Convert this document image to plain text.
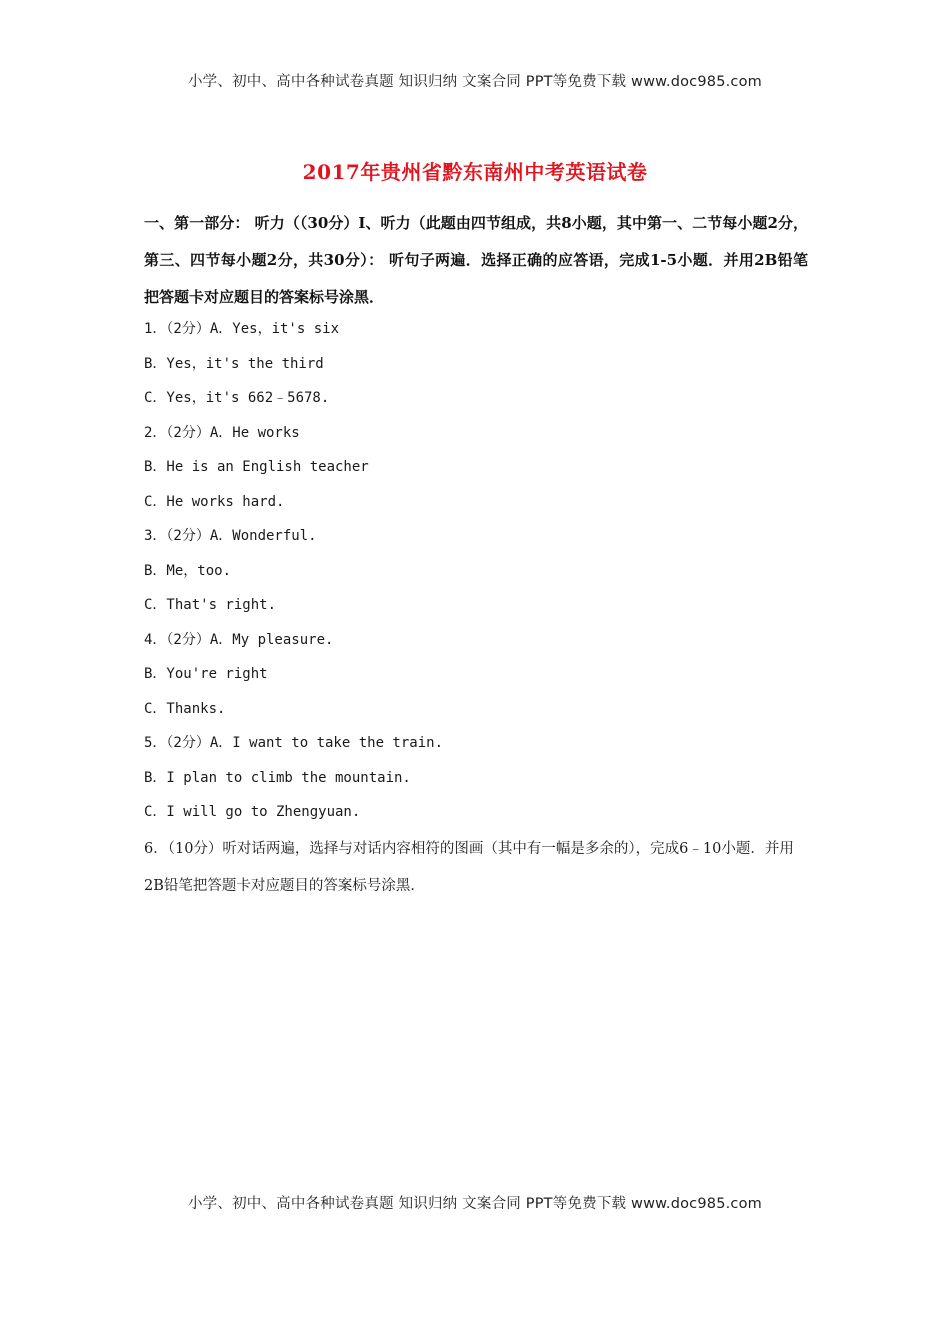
小学、初中、高中各种试卷真题 知识归纳 文案合同 PPT等免费下载 www.doc985.com
2017年贵州省黔东南州中考英语试卷
一、第一部分： 听力（（30分）I、听力（此题由四节组成，共8小题，其中第一、二节每小题2分，第三、四节每小题2分，共30分）： 听句子两遍．选择正确的应答语，完成1-5小题．并用2B铅笔把答题卡对应题目的答案标号涂黑．
1．（2分）A．Yes，it's six
B．Yes，it's the third
C．Yes，it's 662﹣5678.
2．（2分）A．He works
B．He is an English teacher
C．He works hard.
3．（2分）A．Wonderful.
B．Me，too.
C．That's right.
4．（2分）A．My pleasure.
B．You're right
C．Thanks.
5．（2分）A．I want to take the train.
B．I plan to climb the mountain.
C．I will go to Zhengyuan.
6．（10分）听对话两遍，选择与对话内容相符的图画（其中有一幅是多余的），完成6﹣10小题．并用2B铅笔把答题卡对应题目的答案标号涂黑．
小学、初中、高中各种试卷真题 知识归纳 文案合同 PPT等免费下载 www.doc985.com
